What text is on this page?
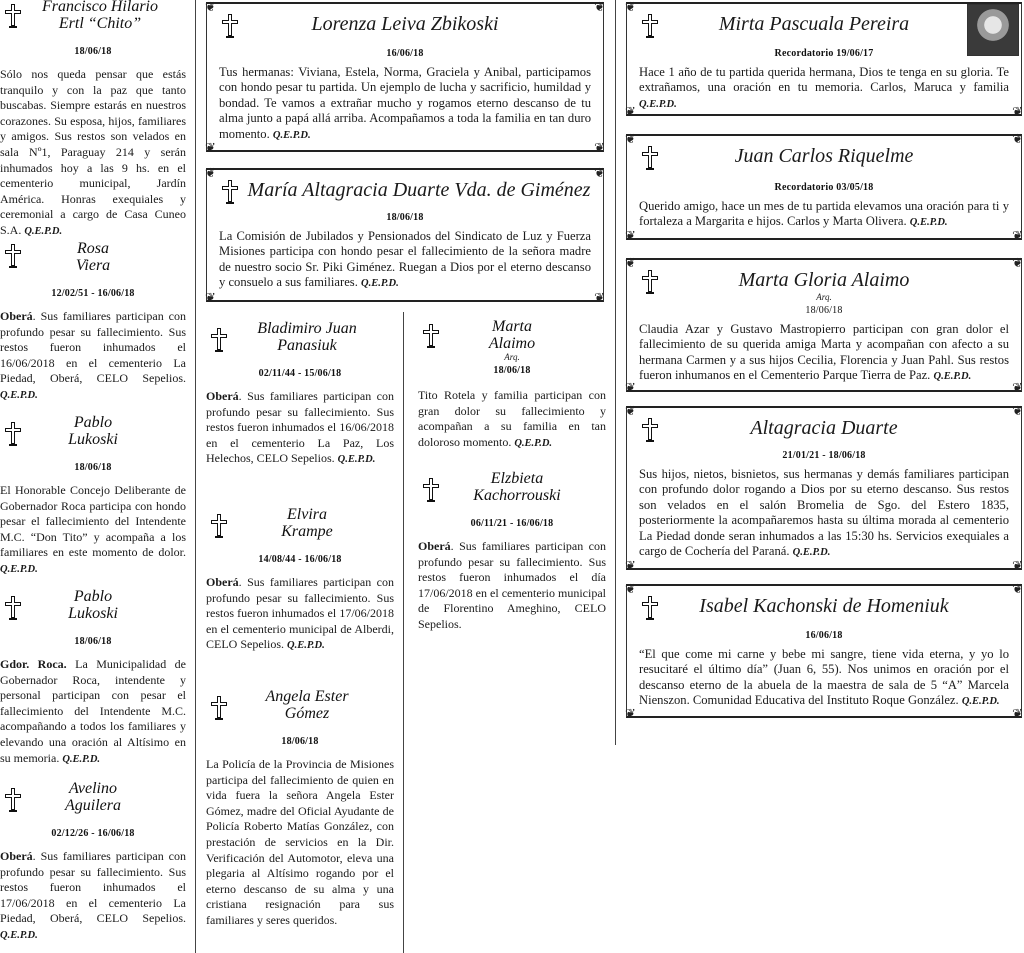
Francisco Hilario
Ertl “Chito”
18/06/18
Sólo nos queda pensar que estás tranquilo y con la paz que tanto buscabas. Siempre estarás en nuestros corazones. Su esposa, hijos, familiares y amigos. Sus restos son velados en sala Nº1, Paraguay 214 y serán inhumados hoy a las 9 hs. en el cementerio municipal, Jardín América. Honras exequiales y ceremonial a cargo de Casa Cuneo S.A. Q.E.P.D.
Rosa
Viera
12/02/51 - 16/06/18
Oberá. Sus familiares participan con profundo pesar su fallecimiento. Sus restos fueron inhumados el 16/06/2018 en el cementerio La Piedad, Oberá, CELO Sepelios. Q.E.P.D.
Pablo
Lukoski
18/06/18
El Honorable Concejo Deliberante de Gobernador Roca participa con hondo pesar el fallecimiento del Intendente M.C. “Don Tito” y acompaña a los familiares en este momento de dolor. Q.E.P.D.
Pablo
Lukoski
18/06/18
Gdor. Roca. La Municipalidad de Gobernador Roca, intendente y personal participan con pesar el fallecimiento del Intendente M.C. acompañando a todos los familiares y elevando una oración al Altísimo en su memoria. Q.E.P.D.
Avelino
Aguilera
02/12/26 - 16/06/18
Oberá. Sus familiares participan con profundo pesar su fallecimiento. Sus restos fueron inhumados el 17/06/2018 en el cementerio La Piedad, Oberá, CELO Sepelios. Q.E.P.D.
❦	❦
❦	❦
Lorenza Leiva Zbikoski
16/06/18
Tus hermanas: Viviana, Estela, Norma, Graciela y Anibal, participamos con hondo pesar tu partida. Un ejemplo de lucha y sacrificio, humildad y bondad. Te vamos a extrañar mucho y rogamos eterno descanso de tu alma junto a papá allá arriba. Acompañamos a toda la familia en tan duro momento. Q.E.P.D.
❦	❦
❦	❦
María Altagracia Duarte Vda. de Giménez
18/06/18
La Comisión de Jubilados y Pensionados del Sindicato de Luz y Fuerza Misiones participa con hondo pesar el fallecimiento de la señora madre de nuestro socio Sr. Piki Giménez. Ruegan a Dios por el eterno descanso y consuelo a sus familiares. Q.E.P.D.
Bladimiro Juan
Panasiuk
02/11/44 - 15/06/18
Oberá. Sus familiares participan con profundo pesar su fallecimiento. Sus restos fueron inhumados el 16/06/2018 en el cementerio La Paz, Los Helechos, CELO Sepelios. Q.E.P.D.
Elvira
Krampe
14/08/44 - 16/06/18
Oberá. Sus familiares participan con profundo pesar su fallecimiento. Sus restos fueron inhumados el 17/06/2018 en el cementerio municipal de Alberdi, CELO Sepelios. Q.E.P.D.
Angela Ester
Gómez
18/06/18
La Policía de la Provincia de Misiones participa del fallecimiento de quien en vida fuera la señora Angela Ester Gómez, madre del Oficial Ayudante de Policía Roberto Matías González, con prestación de servicios en la Dir. Verificación del Automotor, eleva una plegaria al Altísimo rogando por el eterno descanso de su alma y una cristiana resignación para sus familiares y seres queridos.
Marta
Alaimo
Arq.
18/06/18
Tito Rotela y familia participan con gran dolor su fallecimiento y acompañan a su familia en tan doloroso momento. Q.E.P.D.
Elzbieta
Kachorrouski
06/11/21 - 16/06/18
Oberá. Sus familiares participan con profundo pesar su fallecimiento. Sus restos fueron inhumados el día 17/06/2018 en el cementerio municipal de Florentino Ameghino, CELO Sepelios.
❦
❦	❦
Mirta Pascuala Pereira
Recordatorio 19/06/17
Hace 1 año de tu partida querida hermana, Dios te tenga en su gloria. Te extrañamos, una oración en tu memoria. Carlos, Maruca y familia Q.E.P.D.
❦	❦
❦	❦
Juan Carlos Riquelme
Recordatorio 03/05/18
Querido amigo, hace un mes de tu partida elevamos una oración para ti y fortaleza a Margarita e hijos. Carlos y Marta Olivera. Q.E.P.D.
❦	❦
❦	❦
Marta Gloria Alaimo
Arq.
18/06/18
Claudia Azar y Gustavo Mastropierro participan con gran dolor el fallecimiento de su querida amiga Marta y acompañan con afecto a su hermana Carmen y a sus hijos Cecilia, Florencia y Juan Pahl. Sus restos fueron inhumanos en el Cementerio Parque Tierra de Paz. Q.E.P.D.
❦	❦
❦	❦
Altagracia Duarte
21/01/21 - 18/06/18
Sus hijos, nietos, bisnietos, sus hermanas y demás familiares participan con profundo dolor rogando a Dios por su eterno descanso. Sus restos son velados en el salón Bromelia de Sgo. del Estero 1835, posteriormente la acompañaremos hasta su última morada al cementerio La Piedad donde seran inhumados a las 15:30 hs. Servicios exequiales a cargo de Cochería del Paraná. Q.E.P.D.
❦	❦
❦	❦
Isabel Kachonski de Homeniuk
16/06/18
“El que come mi carne y bebe mi sangre, tiene vida eterna, y yo lo resucitaré el último día” (Juan 6, 55). Nos unimos en oración por el descanso eterno de la abuela de la maestra de sala de 5 “A” Marcela Nienszon. Comunidad Educativa del Instituto Roque González. Q.E.P.D.
